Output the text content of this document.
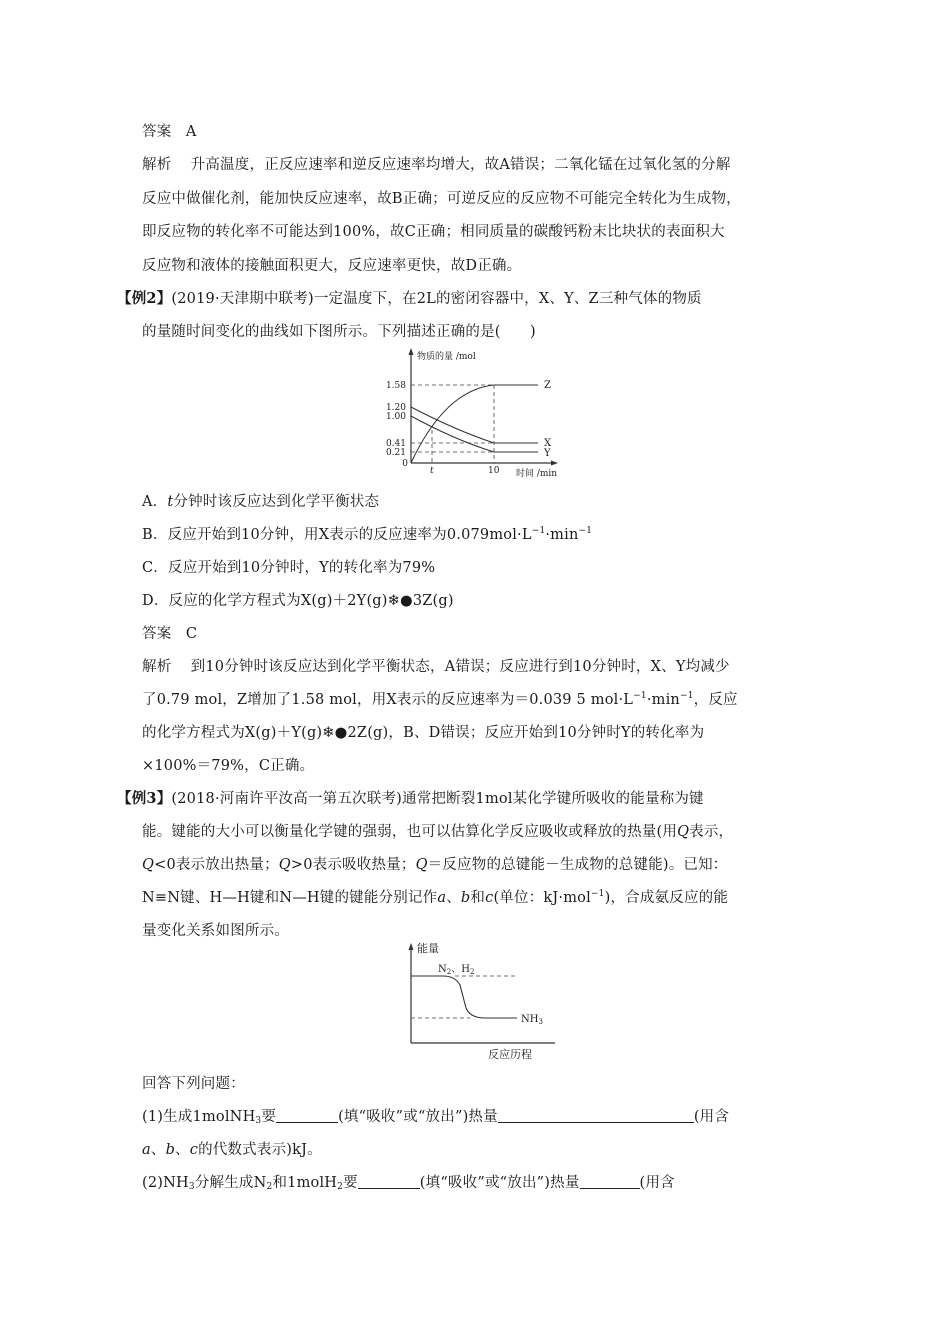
答案 A
解析 升高温度，正反应速率和逆反应速率均增大，故A错误；二氧化锰在过氧化氢的分解
反应中做催化剂，能加快反应速率，故B正确；可逆反应的反应物不可能完全转化为生成物，
即反应物的转化率不可能达到100%，故C正确；相同质量的碳酸钙粉末比块状的表面积大
反应物和液体的接触面积更大，反应速率更快，故D正确。
【例2】(2019·天津期中联考)一定温度下，在2L的密闭容器中，X、Y、Z三种气体的物质
的量随时间变化的曲线如下图所示。下列描述正确的是(　　)
物质的量 /mol
时间 /min
1.58
1.20
1.00
0.41
0.21
0
t	10
Z
X
Y
A．t分钟时该反应达到化学平衡状态
B．反应开始到10分钟，用X表示的反应速率为$0.079mol\cdot L^{-1}\cdot\min^{-1}$
C．反应开始到10分钟时，Y的转化率为79%
D．反应的化学方程式为X(g)＋2Y(g)❄●3Z(g)
答案 C
解析 到10分钟时该反应达到化学平衡状态，A错误；反应进行到10分钟时，X、Y均减少
了0.79 mol，Z增加了1.58 mol，用X表示的反应速率为＝0.039 5 $mol\cdot L^{-1}\cdot\min^{-1}$，反应
的化学方程式为X(g)＋Y(g)❄●2Z(g)，B、D错误；反应开始到10分钟时Y的转化率为
×100%＝79%，C正确。
【例3】(2018·河南许平汝高一第五次联考)通常把断裂1mol某化学键所吸收的能量称为键
能。键能的大小可以衡量化学键的强弱，也可以估算化学反应吸收或释放的热量(用Q表示，
Q<0表示放出热量；Q>0表示吸收热量；Q＝反应物的总键能－生成物的总键能)。已知：
N≡N键、H—H键和N—H键的键能分别记作a、b和c(单位：kJ·mol$^{-1}$)，合成氨反应的能
量变化关系如图所示。
能量
反应历程
$N_2$、$H_2$
$NH_3$
回答下列问题：
(1)生成1molNH$_3$要	(填“吸收”或“放出”)热量	(用含
a、b、c的代数式表示)kJ。
$(2)NH_3$分解生成$N_2$和1molH$_2$要	(填“吸收”或“放出”)热量	(用含
